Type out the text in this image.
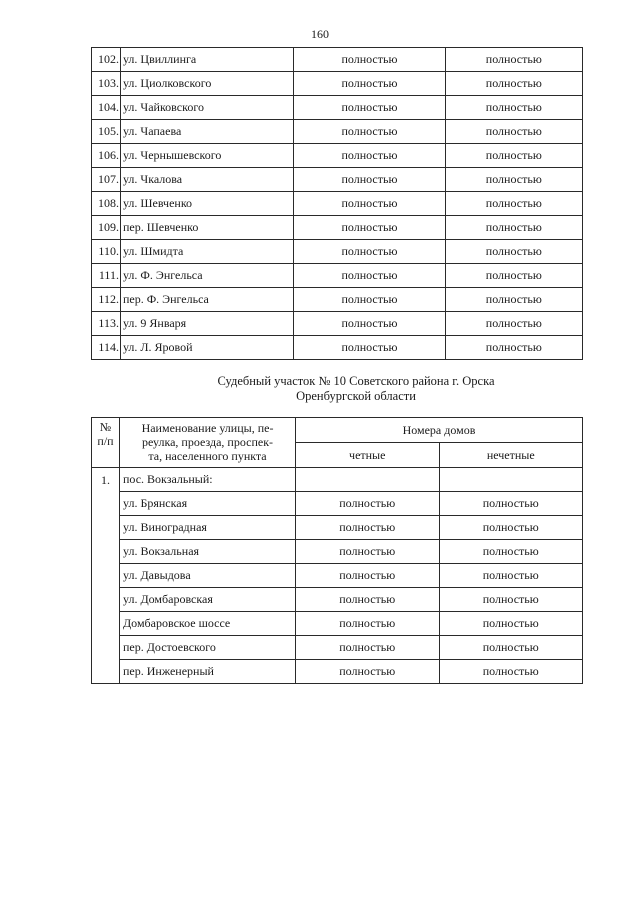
160
102.	ул. Цвиллинга	полностью	полностью
103.	ул. Циолковского	полностью	полностью
104.	ул. Чайковского	полностью	полностью
105.	ул. Чапаева	полностью	полностью
106.	ул. Чернышевского	полностью	полностью
107.	ул. Чкалова	полностью	полностью
108.	ул. Шевченко	полностью	полностью
109.	пер. Шевченко	полностью	полностью
110.	ул. Шмидта	полностью	полностью
111.	ул. Ф. Энгельса	полностью	полностью
112.	пер. Ф. Энгельса	полностью	полностью
113.	ул. 9 Января	полностью	полностью
114.	ул. Л. Яровой	полностью	полностью
Судебный участок № 10 Советского района г. Орска
Оренбургской области
№
п/п	Наименование улицы, пе-
реулка, проезда, проспек-
та, населенного пункта	Номера домов	
		четные	нечетные
1.	пос. Вокзальный:		
	ул. Брянская	полностью	полностью
	ул. Виноградная	полностью	полностью
	ул. Вокзальная	полностью	полностью
	ул. Давыдова	полностью	полностью
	ул. Домбаровская	полностью	полностью
	Домбаровское шоссе	полностью	полностью
	пер. Достоевского	полностью	полностью
	пер. Инженерный	полностью	полностью
